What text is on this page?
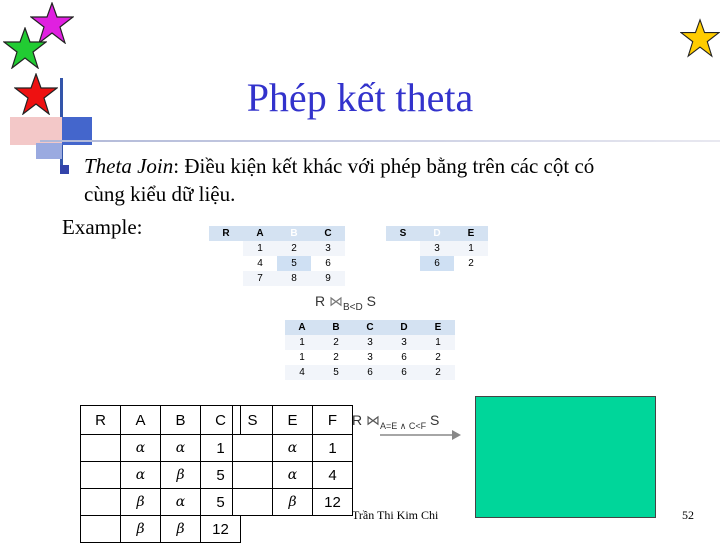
Phép kết theta
Theta Join: Điều kiện kết khác với phép bằng trên các cột có
cùng kiểu dữ liệu.
Example:	R	A	B	C
	1	2	3
	4	5	6
	7	8	9
S	D	E
	3	1
	6	2
R $⋈_{B<D}$ S
A	B	C	D	E
1	2	3	3	1
1	2	3	6	2
4	5	6	6	2
R	A	B	C
	α	α	1
	α	β	5
	β	α	5
	β	β	12
S	E	F
	α	1
	α	4
	β	12
R $⋈_{A=E \wedge C<F}$ S
Trần Thi Kim Chi	52
